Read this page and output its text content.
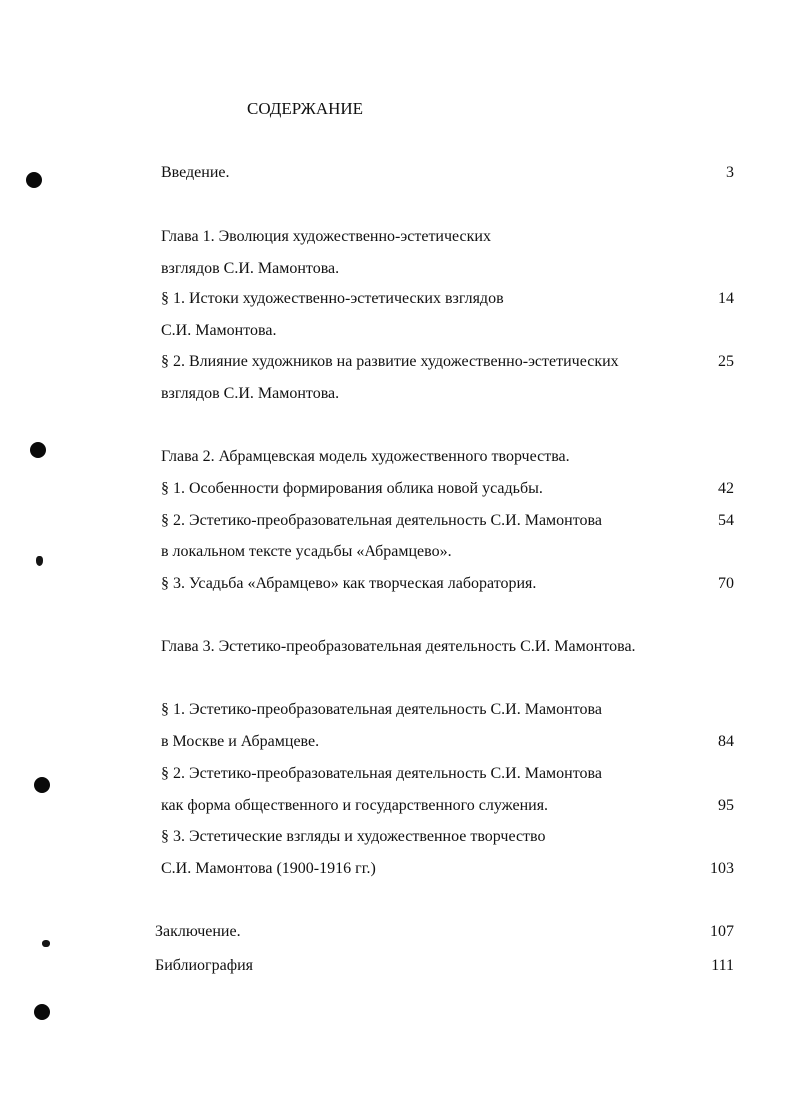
СОДЕРЖАНИЕ
Введение.	3
Глава 1. Эволюция художественно-эстетических
взглядов С.И. Мамонтова.
§ 1. Истоки художественно-эстетических взглядов	14
С.И. Мамонтова.
§ 2. Влияние художников на развитие художественно-эстетических	25
взглядов С.И. Мамонтова.
Глава 2. Абрамцевская модель художественного творчества.
§ 1. Особенности формирования облика новой усадьбы.	42
§ 2. Эстетико-преобразовательная деятельность С.И. Мамонтова	54
в локальном тексте усадьбы «Абрамцево».
§ 3. Усадьба «Абрамцево» как творческая лаборатория.	70
Глава 3. Эстетико-преобразовательная деятельность С.И. Мамонтова.
§ 1. Эстетико-преобразовательная деятельность С.И. Мамонтова
в Москве и Абрамцеве.	84
§ 2. Эстетико-преобразовательная деятельность С.И. Мамонтова
как форма общественного и государственного служения.	95
§ 3. Эстетические взгляды и художественное творчество
С.И. Мамонтова (1900-1916 гг.)	103
Заключение.	107
Библиография	111
